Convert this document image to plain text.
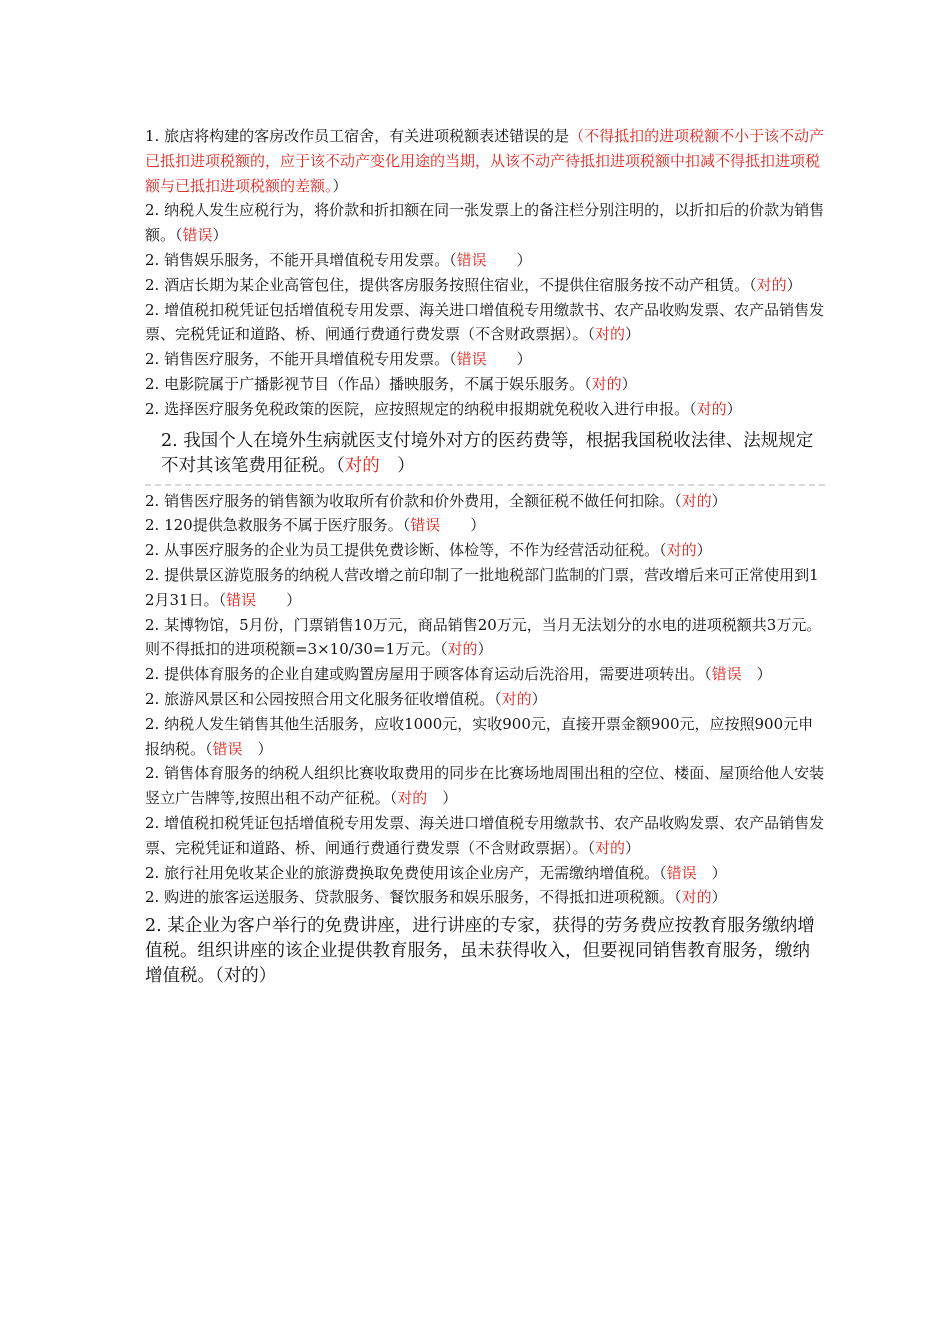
1. 旅店将构建的客房改作员工宿舍，有关进项税额表述错误的是（不得抵扣的进项税额不小于该不动产已抵扣进项税额的，应于该不动产变化用途的当期，从该不动产待抵扣进项税额中扣减不得抵扣进项税额与已抵扣进项税额的差额。）

2. 纳税人发生应税行为，将价款和折扣额在同一张发票上的备注栏分别注明的，以折扣后的价款为销售额。（错误）

2. 销售娱乐服务，不能开具增值税专用发票。（错误　　）

2. 酒店长期为某企业高管包住，提供客房服务按照住宿业，不提供住宿服务按不动产租赁。（对的）

2. 增值税扣税凭证包括增值税专用发票、海关进口增值税专用缴款书、农产品收购发票、农产品销售发票、完税凭证和道路、桥、闸通行费通行费发票（不含财政票据）。（对的）

2. 销售医疗服务，不能开具增值税专用发票。（错误　　）

2. 电影院属于广播影视节目（作品）播映服务，不属于娱乐服务。（对的）

2. 选择医疗服务免税政策的医院，应按照规定的纳税申报期就免税收入进行申报。（对的）

2. 我国个人在境外生病就医支付境外对方的医药费等，根据我国税收法律、法规规定不对其该笔费用征税。（对的　）

2. 销售医疗服务的销售额为收取所有价款和价外费用，全额征税不做任何扣除。（对的）

2. 120提供急救服务不属于医疗服务。（错误　　）

2. 从事医疗服务的企业为员工提供免费诊断、体检等，不作为经营活动征税。（对的）

2. 提供景区游览服务的纳税人营改增之前印制了一批地税部门监制的门票，营改增后来可正常使用到12月31日。（错误　　）

2. 某博物馆，5月份，门票销售10万元，商品销售20万元，当月无法划分的水电的进项税额共3万元。则不得抵扣的进项税额=3×10/30=1万元。（对的）

2. 提供体育服务的企业自建或购置房屋用于顾客体育运动后洗浴用，需要进项转出。（错误　）

2. 旅游风景区和公园按照合用文化服务征收增值税。（对的）

2. 纳税人发生销售其他生活服务，应收1000元，实收900元，直接开票金额900元，应按照900元申报纳税。（错误　）

2. 销售体育服务的纳税人组织比赛收取费用的同步在比赛场地周围出租的空位、楼面、屋顶给他人安装竖立广告牌等,按照出租不动产征税。（对的　）

2. 增值税扣税凭证包括增值税专用发票、海关进口增值税专用缴款书、农产品收购发票、农产品销售发票、完税凭证和道路、桥、闸通行费通行费发票（不含财政票据）。（对的）

2. 旅行社用免收某企业的旅游费换取免费使用该企业房产，无需缴纳增值税。（错误　）

2. 购进的旅客运送服务、贷款服务、餐饮服务和娱乐服务，不得抵扣进项税额。（对的）

2. 某企业为客户举行的免费讲座，进行讲座的专家，获得的劳务费应按教育服务缴纳增值税。组织讲座的该企业提供教育服务，虽未获得收入，但要视同销售教育服务，缴纳增值税。（对的）
